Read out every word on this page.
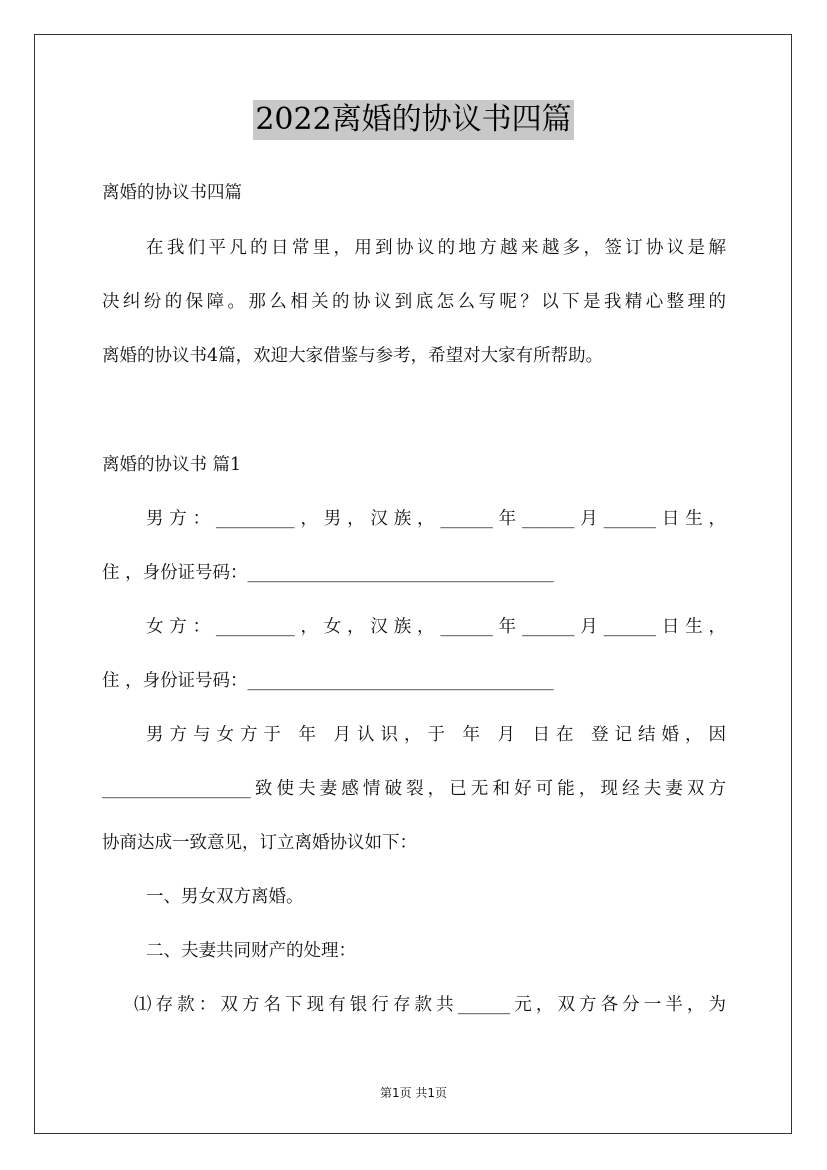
2022离婚的协议书四篇
离婚的协议书四篇
在我们平凡的日常里，用到协议的地方越来越多，签订协议是解
决纠纷的保障。那么相关的协议到底怎么写呢？以下是我精心整理的
离婚的协议书4篇，欢迎大家借鉴与参考，希望对大家有所帮助。
离婚的协议书 篇1
男方：_________，男，汉族，______年______月______日生，
住 ，身份证号码：___________________________________
女方：_________，女，汉族，______年______月______日生，
住 ，身份证号码：___________________________________
男方与女方于 年 月认识，于 年 月 日在 登记结婚，因
_________________致使夫妻感情破裂，已无和好可能，现经夫妻双方
协商达成一致意见，订立离婚协议如下：
一、男女双方离婚。
二、夫妻共同财产的处理：
⑴存款：双方名下现有银行存款共______元，双方各分一半，为
第1页 共1页
